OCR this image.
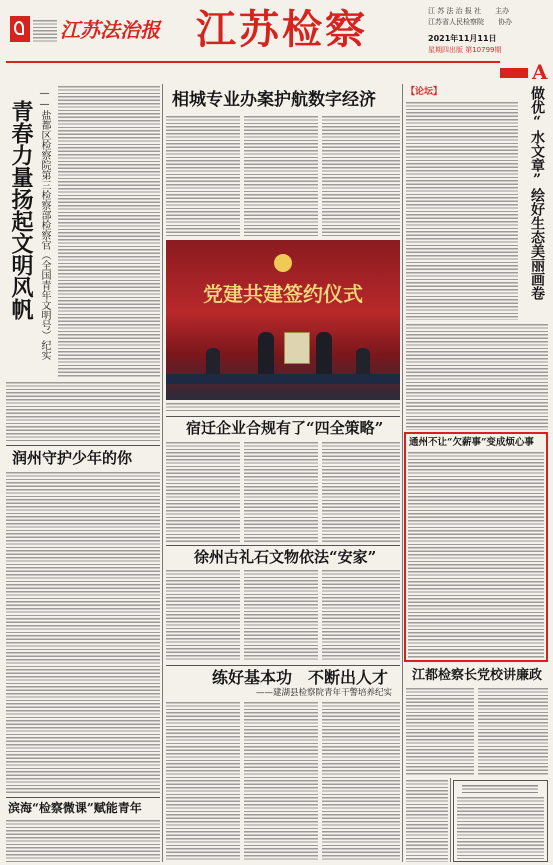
江苏法治报 江苏检察	江 苏 法 治 报 社　　主办
江苏省人民检察院　　协办
2021年11月11日
星期四出版 第10799期
A
青春力量扬起文明风帆 ——盐都区检察院第三检察部检察官（全国青年文明号）纪实
润州守护少年的你
滨海“检察微课”赋能青年
相城专业办案护航数字经济
党建共建签约仪式
宿迁企业合规有了“四全策略”
徐州古礼石文物依法“安家”
练好基本功　不断出人才
——建湖县检察院青年干警培养纪实
【论坛】	做优“水文章”绘好生态美丽画卷
通州不让“欠薪事”变成烦心事
江都检察长党校讲廉政
